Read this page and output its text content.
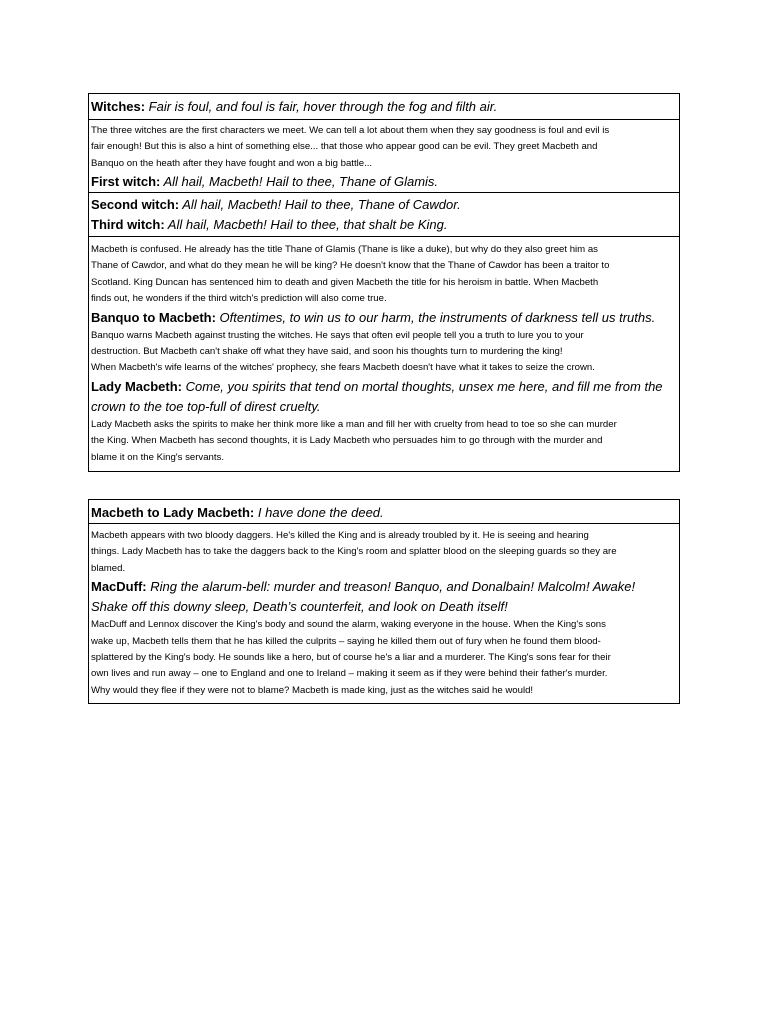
Witches: Fair is foul, and foul is fair, hover through the fog and filth air.
The three witches are the first characters we meet. We can tell a lot about them when they say goodness is foul and evil is
fair enough! But this is also a hint of something else... that those who appear good can be evil. They greet Macbeth and
Banquo on the heath after they have fought and won a big battle...
First witch: All hail, Macbeth! Hail to thee, Thane of Glamis.
Second witch: All hail, Macbeth! Hail to thee, Thane of Cawdor.
Third witch: All hail, Macbeth! Hail to thee, that shalt be King.
Macbeth is confused. He already has the title Thane of Glamis (Thane is like a duke), but why do they also greet him as
Thane of Cawdor, and what do they mean he will be king? He doesn't know that the Thane of Cawdor has been a traitor to
Scotland. King Duncan has sentenced him to death and given Macbeth the title for his heroism in battle. When Macbeth
finds out, he wonders if the third witch's prediction will also come true.
Banquo to Macbeth: Oftentimes, to win us to our harm, the instruments of darkness tell us truths.
Banquo warns Macbeth against trusting the witches. He says that often evil people tell you a truth to lure you to your
destruction. But Macbeth can't shake off what they have said, and soon his thoughts turn to murdering the king!
When Macbeth's wife learns of the witches' prophecy, she fears Macbeth doesn't have what it takes to seize the crown.
Lady Macbeth: Come, you spirits that tend on mortal thoughts, unsex me here, and fill me from the
crown to the toe top-full of direst cruelty.
Lady Macbeth asks the spirits to make her think more like a man and fill her with cruelty from head to toe so she can murder
the King. When Macbeth has second thoughts, it is Lady Macbeth who persuades him to go through with the murder and
blame it on the King's servants.
Macbeth to Lady Macbeth: I have done the deed.
Macbeth appears with two bloody daggers. He's killed the King and is already troubled by it. He is seeing and hearing
things. Lady Macbeth has to take the daggers back to the King's room and splatter blood on the sleeping guards so they are
blamed.
MacDuff: Ring the alarum-bell: murder and treason! Banquo, and Donalbain! Malcolm! Awake!
Shake off this downy sleep, Death’s counterfeit, and look on Death itself!
MacDuff and Lennox discover the King's body and sound the alarm, waking everyone in the house. When the King's sons
wake up, Macbeth tells them that he has killed the culprits – saying he killed them out of fury when he found them blood-
splattered by the King's body. He sounds like a hero, but of course he's a liar and a murderer. The King's sons fear for their
own lives and run away – one to England and one to Ireland – making it seem as if they were behind their father's murder.
Why would they flee if they were not to blame? Macbeth is made king, just as the witches said he would!
